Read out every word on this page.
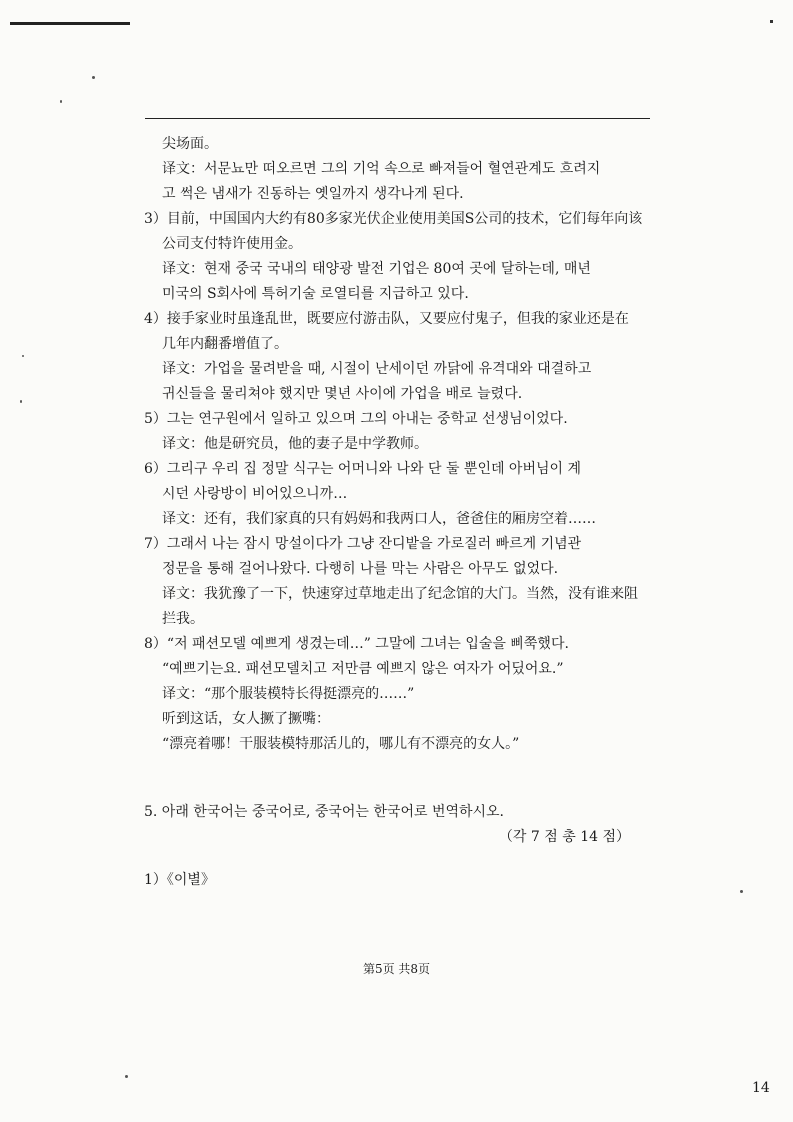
尖场面。
译文：서문뇨만 떠오르면 그의 기억 속으로 빠져들어 혈연관계도 흐려지
고 썩은 냄새가 진동하는 옛일까지 생각나게 된다.
3）目前，中国国内大约有80多家光伏企业使用美国S公司的技术，它们每年向该
公司支付特许使用金。
译文：현재 중국 국내의 태양광 발전 기업은 80여 곳에 달하는데, 매년
미국의 S회사에 특허기술 로열티를 지급하고 있다.
4）接手家业时虽逢乱世，既要应付游击队，又要应付鬼子，但我的家业还是在
几年内翻番增值了。
译文：가업을 물려받을 때, 시절이 난세이던 까닭에 유격대와 대결하고
귀신들을 물리쳐야 했지만 몇년 사이에 가업을 배로 늘렸다.
5）그는 연구원에서 일하고 있으며 그의 아내는 중학교 선생님이었다.
译文：他是研究员，他的妻子是中学教师。
6）그리구 우리 집 정말 식구는 어머니와 나와 단 둘 뿐인데 아버님이 계
시던 사랑방이 비어있으니까…
译文：还有，我们家真的只有妈妈和我两口人，爸爸住的厢房空着……
7）그래서 나는 잠시 망설이다가 그냥 잔디밭을 가로질러 빠르게 기념관
정문을 통해 걸어나왔다. 다행히 나를 막는 사람은 아무도 없었다.
译文：我犹豫了一下，快速穿过草地走出了纪念馆的大门。当然，没有谁来阻
拦我。
8）“저 패션모델 예쁘게 생겼는데…” 그말에 그녀는 입술을 삐쭉했다.
“예쁘기는요. 패션모델치고 저만큼 예쁘지 않은 여자가 어딨어요.”
译文：“那个服装模特长得挺漂亮的……”
听到这话，女人撅了撅嘴：
“漂亮着哪！干服装模特那活儿的，哪儿有不漂亮的女人。”
5. 아래 한국어는 중국어로, 중국어는 한국어로 번역하시오.
（각 7 점 총 14 점）
1）《이별》
第5页 共8页
14
